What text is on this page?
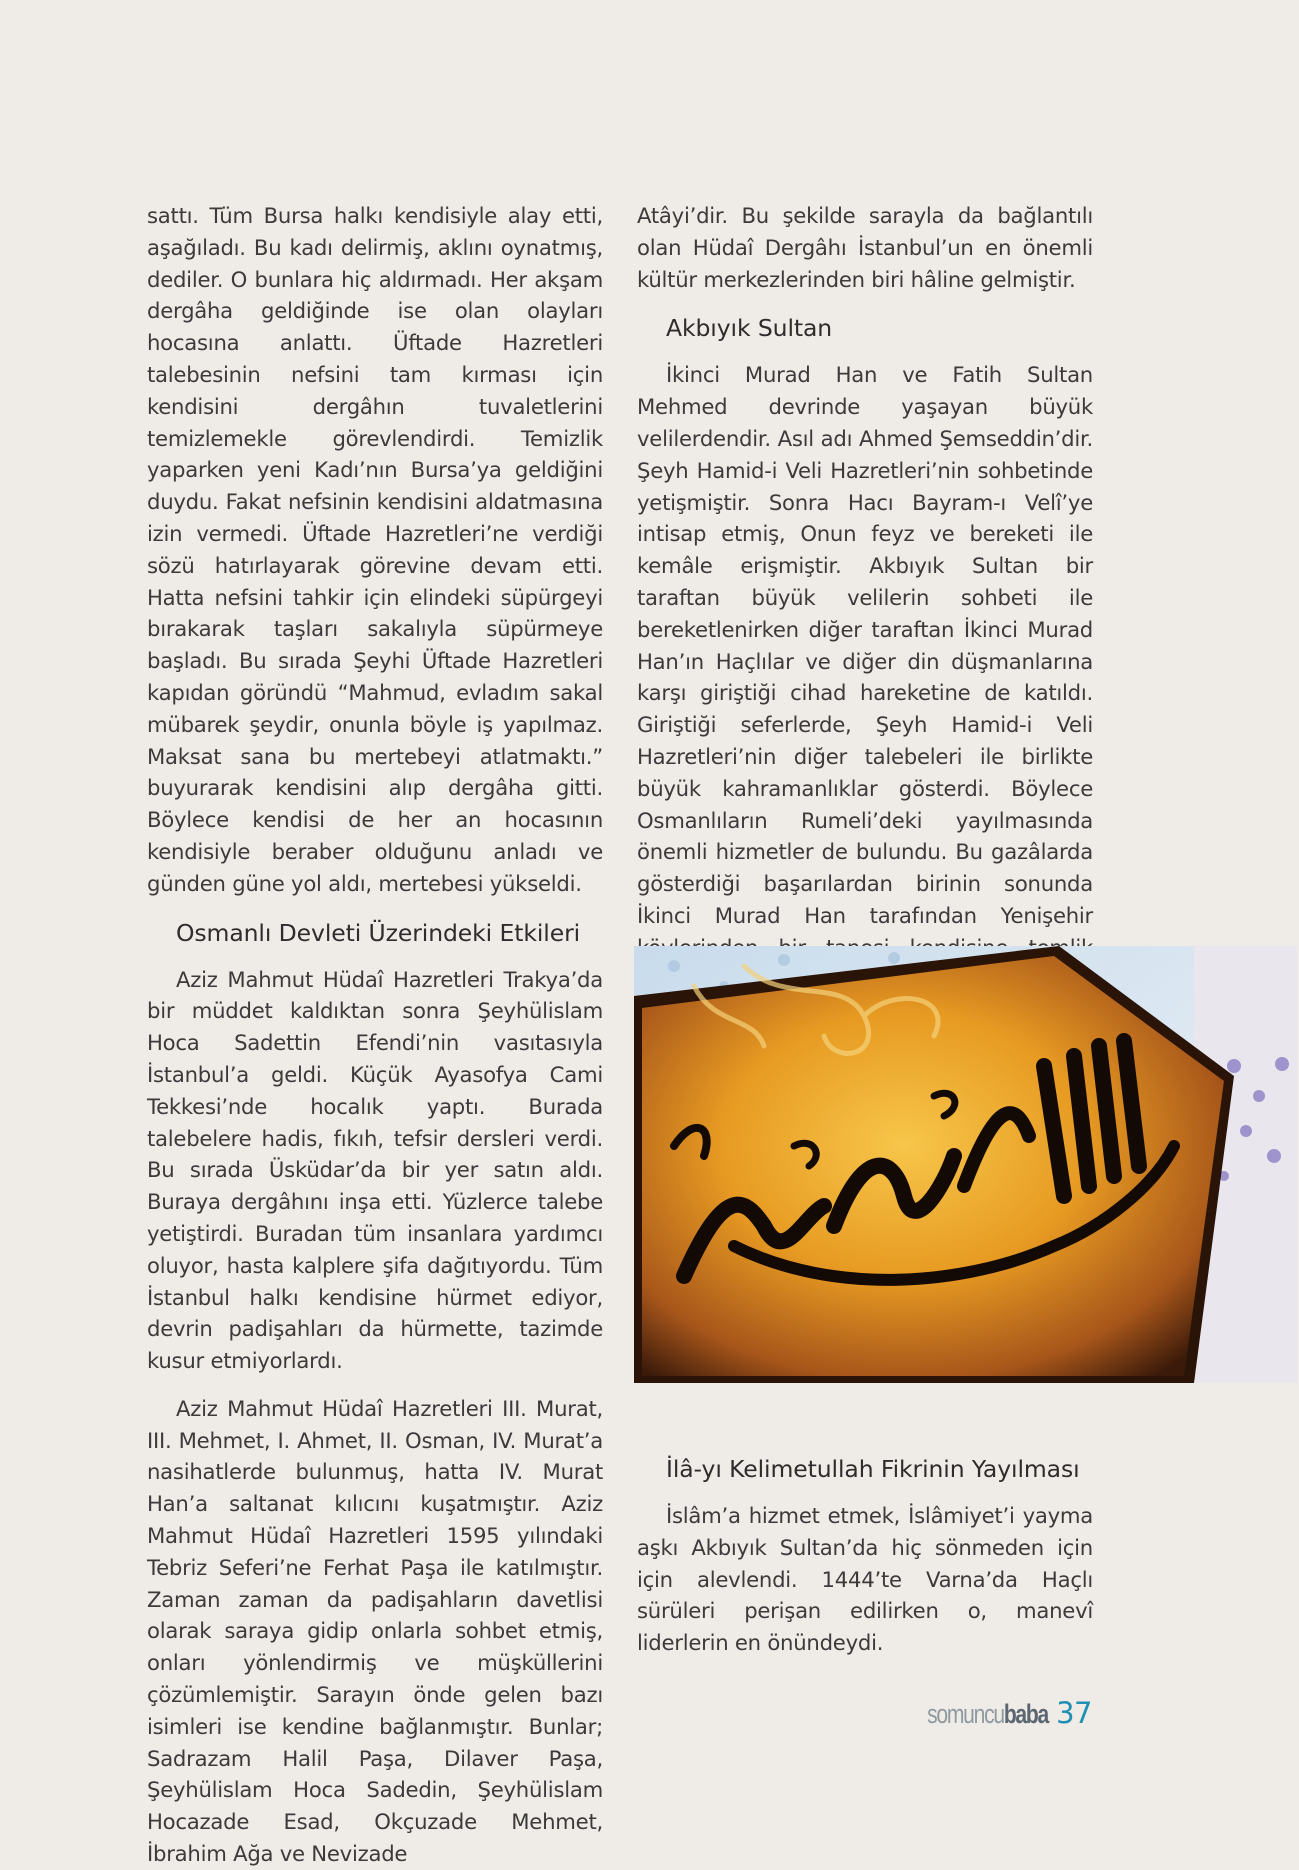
sattı. Tüm Bursa halkı kendisiyle alay etti, aşağıladı. Bu kadı delirmiş, aklını oynatmış, dediler. O bunlara hiç aldırmadı. Her akşam dergâha geldiğinde ise olan olayları hocasına anlattı. Üftade Hazretleri talebesinin nefsini tam kırması için kendisini dergâhın tuvaletlerini temizlemekle görevlendirdi. Temizlik yaparken yeni Kadı’nın Bursa’ya geldiğini duydu. Fakat nefsinin kendisini aldatmasına izin vermedi. Üftade Hazretleri’ne verdiği sözü hatırlayarak görevine devam etti. Hatta nefsini tahkir için elindeki süpürgeyi bırakarak taşları sakalıyla süpürmeye başladı. Bu sırada Şeyhi Üftade Hazretleri kapıdan göründü “Mahmud, evladım sakal mübarek şeydir, onunla böyle iş yapılmaz. Maksat sana bu mertebeyi atlatmaktı.” buyurarak kendisini alıp dergâha gitti. Böylece kendisi de her an hocasının kendisiyle beraber olduğunu anladı ve günden güne yol aldı, mertebesi yükseldi.

Osmanlı Devleti Üzerindeki Etkileri

Aziz Mahmut Hüdaî Hazretleri Trakya’da bir müddet kaldıktan sonra Şeyhülislam Hoca Sadettin Efendi’nin vasıtasıyla İstanbul’a geldi. Küçük Ayasofya Cami Tekkesi’nde hocalık yaptı. Burada talebelere hadis, fıkıh, tefsir dersleri verdi. Bu sırada Üsküdar’da bir yer satın aldı. Buraya dergâhını inşa etti. Yüzlerce talebe yetiştirdi. Buradan tüm insanlara yardımcı oluyor, hasta kalplere şifa dağıtıyordu. Tüm İstanbul halkı kendisine hürmet ediyor, devrin padişahları da hürmette, tazimde kusur etmiyorlardı.

Aziz Mahmut Hüdaî Hazretleri III. Murat, III. Mehmet, I. Ahmet, II. Osman, IV. Murat’a nasihatlerde bulunmuş, hatta IV. Murat Han’a saltanat kılıcını kuşatmıştır. Aziz Mahmut Hüdaî Hazretleri 1595 yılındaki Tebriz Seferi’ne Ferhat Paşa ile katılmıştır. Zaman zaman da padişahların davetlisi olarak saraya gidip onlarla sohbet etmiş, onları yönlendirmiş ve müşküllerini çözümlemiştir. Sarayın önde gelen bazı isimleri ise kendine bağlanmıştır. Bunlar; Sadrazam Halil Paşa, Dilaver Paşa, Şeyhülislam Hoca Sadedin, Şeyhülislam Hocazade Esad, Okçuzade Mehmet, İbrahim Ağa ve Nevizade

Atâyi’dir. Bu şekilde sarayla da bağlantılı olan Hüdaî Dergâhı İstanbul’un en önemli kültür merkezlerinden biri hâline gelmiştir.

Akbıyık Sultan

İkinci Murad Han ve Fatih Sultan Mehmed devrinde yaşayan büyük velilerdendir. Asıl adı Ahmed Şemseddin’dir. Şeyh Hamid-i Veli Hazretleri’nin sohbetinde yetişmiştir. Sonra Hacı Bayram-ı Velî’ye intisap etmiş, Onun feyz ve bereketi ile kemâle erişmiştir. Akbıyık Sultan bir taraftan büyük velilerin sohbeti ile bereketlenirken diğer taraftan İkinci Murad Han’ın Haçlılar ve diğer din düşmanlarına karşı giriştiği cihad hareketine de katıldı. Giriştiği seferlerde, Şeyh Hamid-i Veli Hazretleri’nin diğer talebeleri ile birlikte büyük kahramanlıklar gösterdi. Böylece Osmanlıların Rumeli’deki yayılmasında önemli hizmetler de bulundu. Bu gazâlarda gösterdiği başarılardan birinin sonunda İkinci Murad Han tarafından Yenişehir

İlâ-yı Kelimetullah Fikrinin Yayılması

İslâm’a hizmet etmek, İslâmiyet’i yayma aşkı Akbıyık Sultan’da hiç sönmeden için için alevlendi. 1444’te Varna’da Haçlı sürüleri perişan edilirken o, manevî liderlerin en önündeydi.

somuncubaba 37
